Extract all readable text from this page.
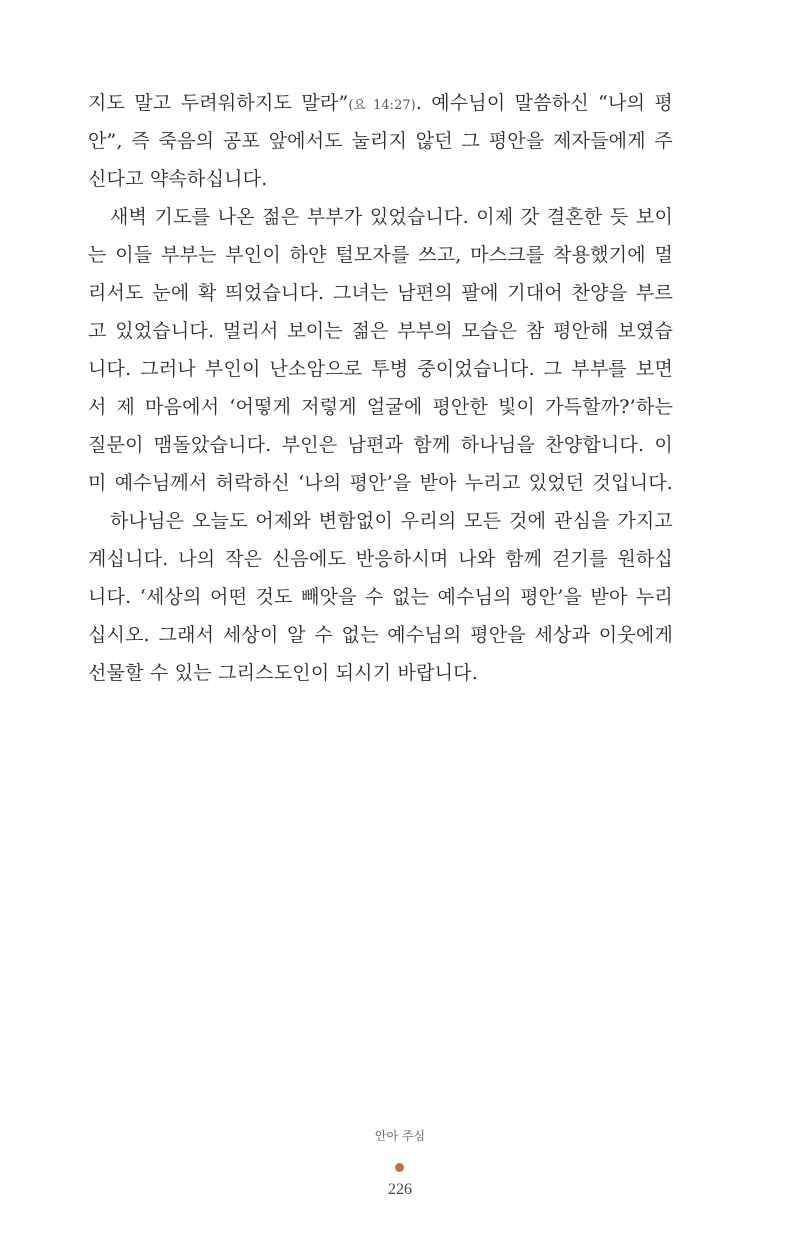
지도 말고 두려워하지도 말라”(요 14:27). 예수님이 말씀하신 “나의 평
안”, 즉 죽음의 공포 앞에서도 눌리지 않던 그 평안을 제자들에게 주
신다고 약속하십니다.
새벽 기도를 나온 젊은 부부가 있었습니다. 이제 갓 결혼한 듯 보이
는 이들 부부는 부인이 하얀 털모자를 쓰고, 마스크를 착용했기에 멀
리서도 눈에 확 띄었습니다. 그녀는 남편의 팔에 기대어 찬양을 부르
고 있었습니다. 멀리서 보이는 젊은 부부의 모습은 참 평안해 보였습
니다. 그러나 부인이 난소암으로 투병 중이었습니다. 그 부부를 보면
서 제 마음에서 ‘어떻게 저렇게 얼굴에 평안한 빛이 가득할까?’하는
질문이 맴돌았습니다. 부인은 남편과 함께 하나님을 찬양합니다. 이
미 예수님께서 허락하신 ‘나의 평안’을 받아 누리고 있었던 것입니다.
하나님은 오늘도 어제와 변함없이 우리의 모든 것에 관심을 가지고
계십니다. 나의 작은 신음에도 반응하시며 나와 함께 걷기를 원하십
니다. ‘세상의 어떤 것도 빼앗을 수 없는 예수님의 평안’을 받아 누리
십시오. 그래서 세상이 알 수 없는 예수님의 평안을 세상과 이웃에게
선물할 수 있는 그리스도인이 되시기 바랍니다.
안아 주심
226
